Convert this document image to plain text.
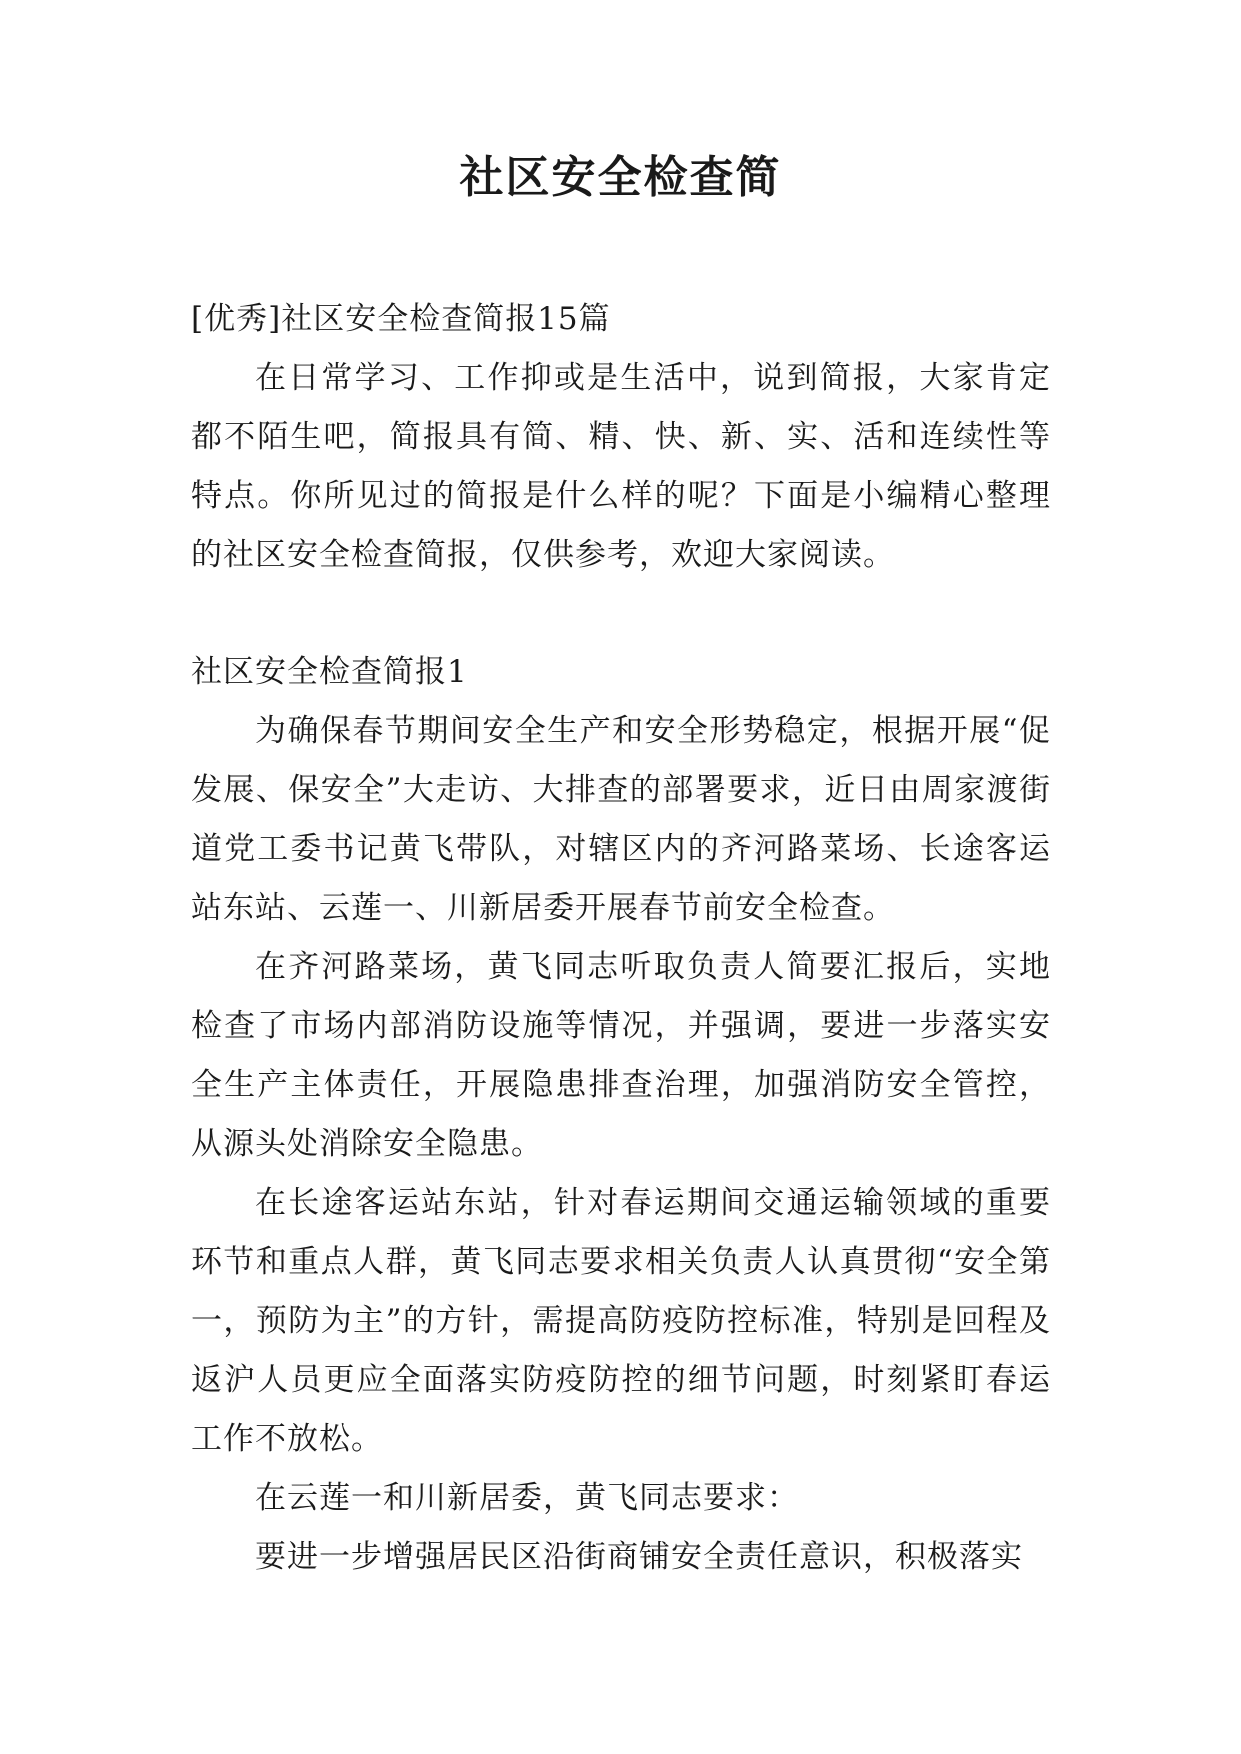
社区安全检查简

[优秀]社区安全检查简报15篇

在日常学习、工作抑或是生活中，说到简报，大家肯定都不陌生吧，简报具有简、精、快、新、实、活和连续性等特点。你所见过的简报是什么样的呢？下面是小编精心整理的社区安全检查简报，仅供参考，欢迎大家阅读。

社区安全检查简报1

为确保春节期间安全生产和安全形势稳定，根据开展“促发展、保安全”大走访、大排查的部署要求，近日由周家渡街道党工委书记黄飞带队，对辖区内的齐河路菜场、长途客运站东站、云莲一、川新居委开展春节前安全检查。

在齐河路菜场，黄飞同志听取负责人简要汇报后，实地检查了市场内部消防设施等情况，并强调，要进一步落实安全生产主体责任，开展隐患排查治理，加强消防安全管控，从源头处消除安全隐患。

在长途客运站东站，针对春运期间交通运输领域的重要环节和重点人群，黄飞同志要求相关负责人认真贯彻“安全第一，预防为主”的方针，需提高防疫防控标准，特别是回程及返沪人员更应全面落实防疫防控的细节问题，时刻紧盯春运工作不放松。

在云莲一和川新居委，黄飞同志要求：

要进一步增强居民区沿街商铺安全责任意识，积极落实
